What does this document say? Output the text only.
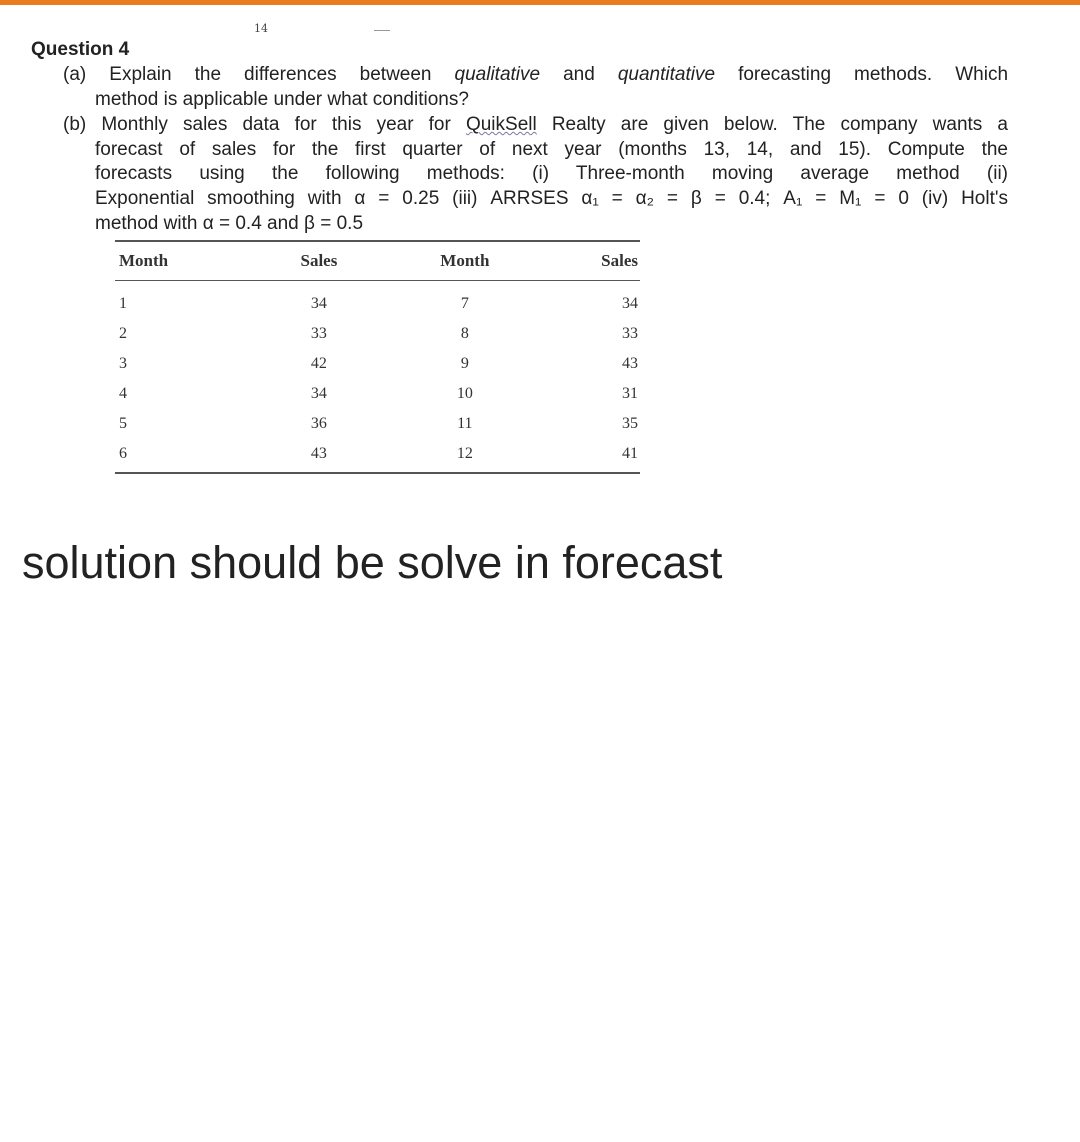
14
Question 4
(a) Explain the differences between qualitative and quantitative forecasting methods. Which
method is applicable under what conditions?
(b) Monthly sales data for this year for QuikSell Realty are given below. The company wants a
forecast of sales for the first quarter of next year (months 13, 14, and 15). Compute the
forecasts using the following methods: (i) Three-month moving average method (ii)
Exponential smoothing with α = 0.25 (iii) ARRSES α₁ = α₂ = β = 0.4; A₁ = M₁ = 0 (iv) Holt's
method with α = 0.4 and β = 0.5
Month	Sales	Month	Sales

1	34	7	34
2	33	8	33
3	42	9	43
4	34	10	31
5	36	11	35
6	43	12	41
solution should be solve in forecast
